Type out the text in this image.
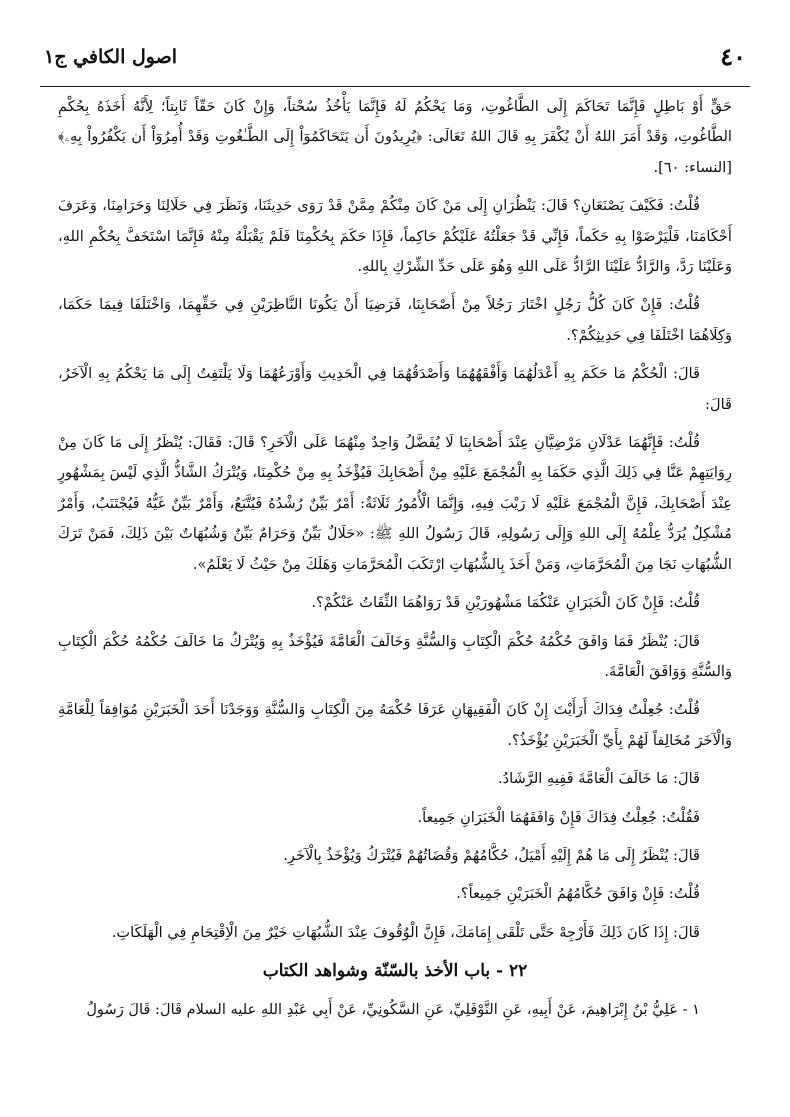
٤٠
اصول الكافي ج١

حَقٍّ أَوْ بَاطِلٍ فَإِنَّمَا تَحَاكَمَ إِلَى الطَّاغُوتِ، وَمَا يَحْكُمُ لَهُ فَإِنَّمَا يَأْخُذُ سُحْتاً، وَإِنْ كَانَ حَقّاً ثَابِتاً؛ لِأَنَّهُ أَخَذَهُ بِحُكْمِ الطَّاغُوتِ، وَقَدْ أَمَرَ اللهُ أَنْ يُكْفَرَ بِهِ قَالَ اللهُ تَعَالَى: ﴿يُرِيدُونَ أَن يَتَحَاكَمُوٓاْ إِلَى الطَّـٰغُوتِ وَقَدْ أُمِرُوٓاْ أَن يَكْفُرُواْ بِهِۦ﴾ [النساء: ٦٠].

قُلْتُ: فَكَيْفَ يَصْنَعَانِ؟ قَالَ: يَنْظُرَانِ إِلَى مَنْ كَانَ مِنْكُمْ مِمَّنْ قَدْ رَوَى حَدِيثَنَا، وَنَظَرَ فِي حَلَالِنَا وَحَرَامِنَا، وَعَرَفَ أَحْكَامَنَا، فَلْيَرْضَوْا بِهِ حَكَماً، فَإِنِّي قَدْ جَعَلْتُهُ عَلَيْكُمْ حَاكِماً، فَإِذَا حَكَمَ بِحُكْمِنَا فَلَمْ يَقْبَلْهُ مِنْهُ فَإِنَّمَا اسْتَخَفَّ بِحُكْمِ اللهِ، وَعَلَيْنَا رَدَّ، وَالرَّادُّ عَلَيْنَا الرَّادُّ عَلَى اللهِ وَهُوَ عَلَى حَدِّ الشِّرْكِ بِاللهِ.

قُلْتُ: فَإِنْ كَانَ كُلُّ رَجُلٍ اخْتَارَ رَجُلاً مِنْ أَصْحَابِنَا، فَرَضِيَا أَنْ يَكُونَا النَّاظِرَيْنِ فِي حَقِّهِمَا، وَاخْتَلَفَا فِيمَا حَكَمَا، وَكِلَاهُمَا اخْتَلَفَا فِي حَدِيثِكُمْ؟.

قَالَ: الْحُكْمُ مَا حَكَمَ بِهِ أَعْدَلُهُمَا وَأَفْقَهُهُمَا وَأَصْدَقُهُمَا فِي الْحَدِيثِ وَأَوْرَعُهُمَا وَلَا يَلْتَفِتُ إِلَى مَا يَحْكُمُ بِهِ الْآخَرُ، قَالَ:

قُلْتُ: فَإِنَّهُمَا عَدْلَانِ مَرْضِيَّانِ عِنْدَ أَصْحَابِنَا لَا يُفَضَّلُ وَاحِدٌ مِنْهُمَا عَلَى الْآخَرِ؟ قَالَ: فَقَالَ: يُنْظَرُ إِلَى مَا كَانَ مِنْ رِوَايَتِهِمْ عَنَّا فِي ذَلِكَ الَّذِي حَكَمَا بِهِ الْمُجْمَعَ عَلَيْهِ مِنْ أَصْحَابِكَ فَيُؤْخَذُ بِهِ مِنْ حُكْمِنَا، وَيُتْرَكُ الشَّاذُّ الَّذِي لَيْسَ بِمَشْهُورٍ عِنْدَ أَصْحَابِكَ، فَإِنَّ الْمُجْمَعَ عَلَيْهِ لَا رَيْبَ فِيهِ، وَإِنَّمَا الْأُمُورُ ثَلَاثَةٌ: أَمْرٌ بَيِّنٌ رُشْدُهُ فَيُتَّبَعُ، وَأَمْرٌ بَيِّنٌ غَيُّهُ فَيُجْتَنَبُ، وَأَمْرٌ مُشْكِلٌ يُرَدُّ عِلْمُهُ إِلَى اللهِ وَإِلَى رَسُولِهِ، قَالَ رَسُولُ اللهِ ﷺ: «حَلَالٌ بَيِّنٌ وَحَرَامٌ بَيِّنٌ وَشُبُهَاتٌ بَيْنَ ذَلِكَ، فَمَنْ تَرَكَ الشُّبُهَاتِ نَجَا مِنَ الْمُحَرَّمَاتِ، وَمَنْ أَخَذَ بِالشُّبُهَاتِ ارْتَكَبَ الْمُحَرَّمَاتِ وَهَلَكَ مِنْ حَيْثُ لَا يَعْلَمُ».

قُلْتُ: فَإِنْ كَانَ الْخَبَرَانِ عَنْكُمَا مَشْهُورَيْنِ قَدْ رَوَاهُمَا الثِّقَاتُ عَنْكُمْ؟.

قَالَ: يُنْظَرُ فَمَا وَافَقَ حُكْمُهُ حُكْمَ الْكِتَابِ وَالسُّنَّةِ وَخَالَفَ الْعَامَّةَ فَيُؤْخَذُ بِهِ وَيُتْرَكُ مَا خَالَفَ حُكْمُهُ حُكْمَ الْكِتَابِ وَالسُّنَّةِ وَوَافَقَ الْعَامَّةَ.

قُلْتُ: جُعِلْتُ فِدَاكَ أَرَأَيْتَ إِنْ كَانَ الْفَقِيهَانِ عَرَفَا حُكْمَهُ مِنَ الْكِتَابِ وَالسُّنَّةِ وَوَجَدْنَا أَحَدَ الْخَبَرَيْنِ مُوَافِقاً لِلْعَامَّةِ وَالْآخَرَ مُخَالِفاً لَهُمْ بِأَيِّ الْخَبَرَيْنِ يُؤْخَذُ؟.

قَالَ: مَا خَالَفَ الْعَامَّةَ فَفِيهِ الرَّشَادُ.

فَقُلْتُ: جُعِلْتُ فِدَاكَ فَإِنْ وَافَقَهُمَا الْخَبَرَانِ جَمِيعاً.

قَالَ: يُنْظَرُ إِلَى مَا هُمْ إِلَيْهِ أَمْيَلُ، حُكَّامُهُمْ وَقُضَاتُهُمْ فَيُتْرَكُ وَيُؤْخَذُ بِالْآخَرِ.

قُلْتُ: فَإِنْ وَافَقَ حُكَّامُهُمُ الْخَبَرَيْنِ جَمِيعاً؟.

قَالَ: إِذَا كَانَ ذَلِكَ فَأَرْجِهْ حَتَّى تَلْقَى إِمَامَكَ، فَإِنَّ الْوُقُوفَ عِنْدَ الشُّبُهَاتِ خَيْرٌ مِنَ الْاِقْتِحَامِ فِي الْهَلَكَاتِ.

٢٢ - باب الأخذ بالسّنّة وشواهد الكتاب

١ - عَلِيُّ بْنُ إِبْرَاهِيمَ، عَنْ أَبِيهِ، عَنِ النَّوْفَلِيِّ، عَنِ السَّكُونِيِّ، عَنْ أَبِي عَبْدِ اللهِ عليه السلام قَالَ: قَالَ رَسُولُ
